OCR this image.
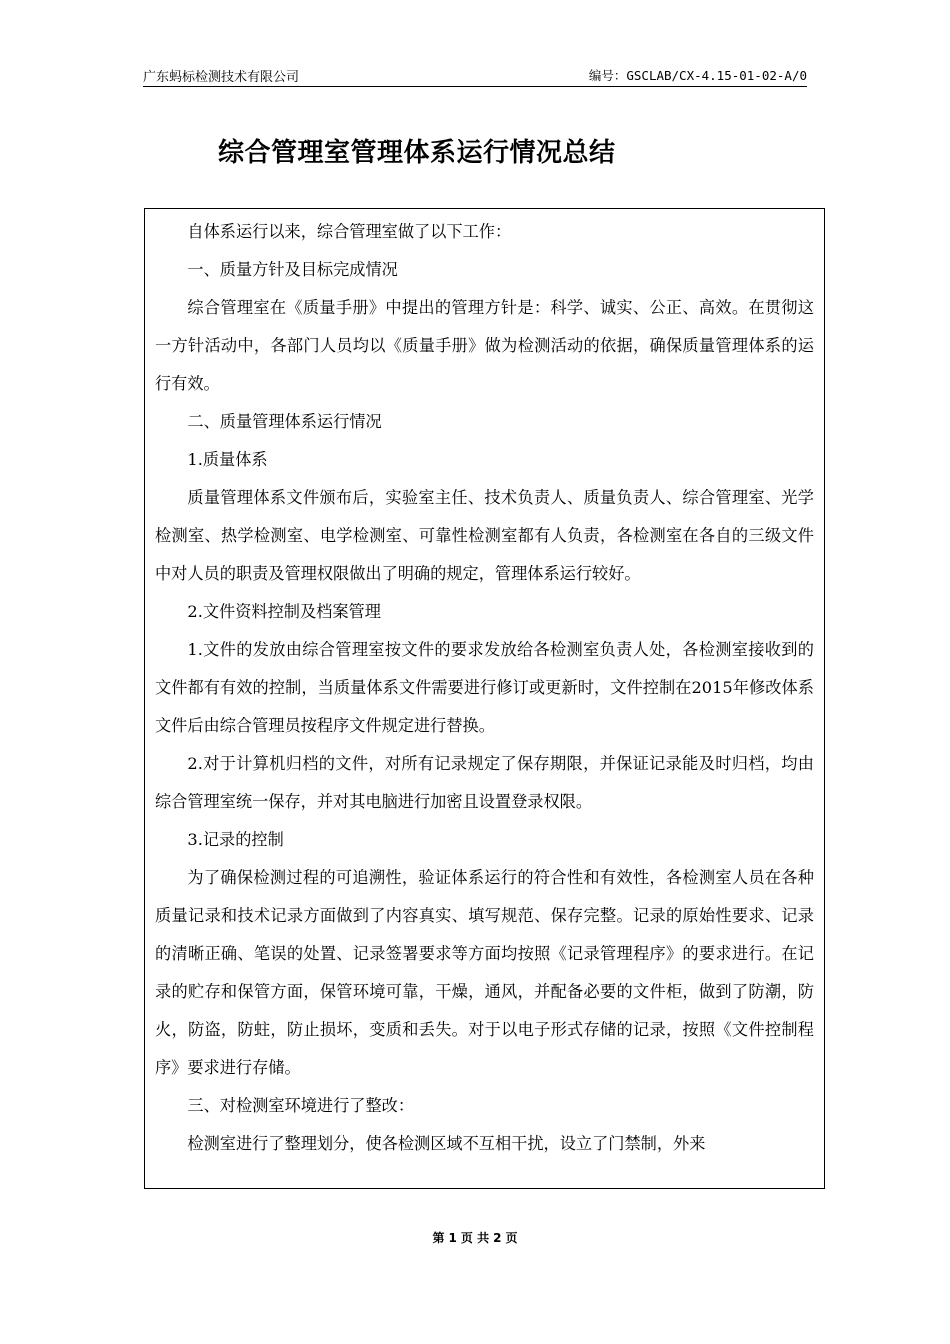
广东蚂标检测技术有限公司	编号：GSCLAB/CX-4.15-01-02-A/0
综合管理室管理体系运行情况总结

自体系运行以来，综合管理室做了以下工作：

一、质量方针及目标完成情况

综合管理室在《质量手册》中提出的管理方针是：科学、诚实、公正、高效。在贯彻这一方针活动中，各部门人员均以《质量手册》做为检测活动的依据，确保质量管理体系的运行有效。

二、质量管理体系运行情况

1.质量体系

质量管理体系文件颁布后，实验室主任、技术负责人、质量负责人、综合管理室、光学检测室、热学检测室、电学检测室、可靠性检测室都有人负责，各检测室在各自的三级文件中对人员的职责及管理权限做出了明确的规定，管理体系运行较好。

2.文件资料控制及档案管理

1.文件的发放由综合管理室按文件的要求发放给各检测室负责人处，各检测室接收到的文件都有有效的控制，当质量体系文件需要进行修订或更新时，文件控制在2015年修改体系文件后由综合管理员按程序文件规定进行替换。

2.对于计算机归档的文件，对所有记录规定了保存期限，并保证记录能及时归档，均由综合管理室统一保存，并对其电脑进行加密且设置登录权限。

3.记录的控制

为了确保检测过程的可追溯性，验证体系运行的符合性和有效性，各检测室人员在各种质量记录和技术记录方面做到了内容真实、填写规范、保存完整。记录的原始性要求、记录的清晰正确、笔误的处置、记录签署要求等方面均按照《记录管理程序》的要求进行。在记录的贮存和保管方面，保管环境可靠，干燥，通风，并配备必要的文件柜，做到了防潮，防火，防盗，防蛀，防止损坏，变质和丢失。对于以电子形式存储的记录，按照《文件控制程序》要求进行存储。

三、对检测室环境进行了整改：

检测室进行了整理划分，使各检测区域不互相干扰，设立了门禁制，外来

第 1 页 共 2 页
